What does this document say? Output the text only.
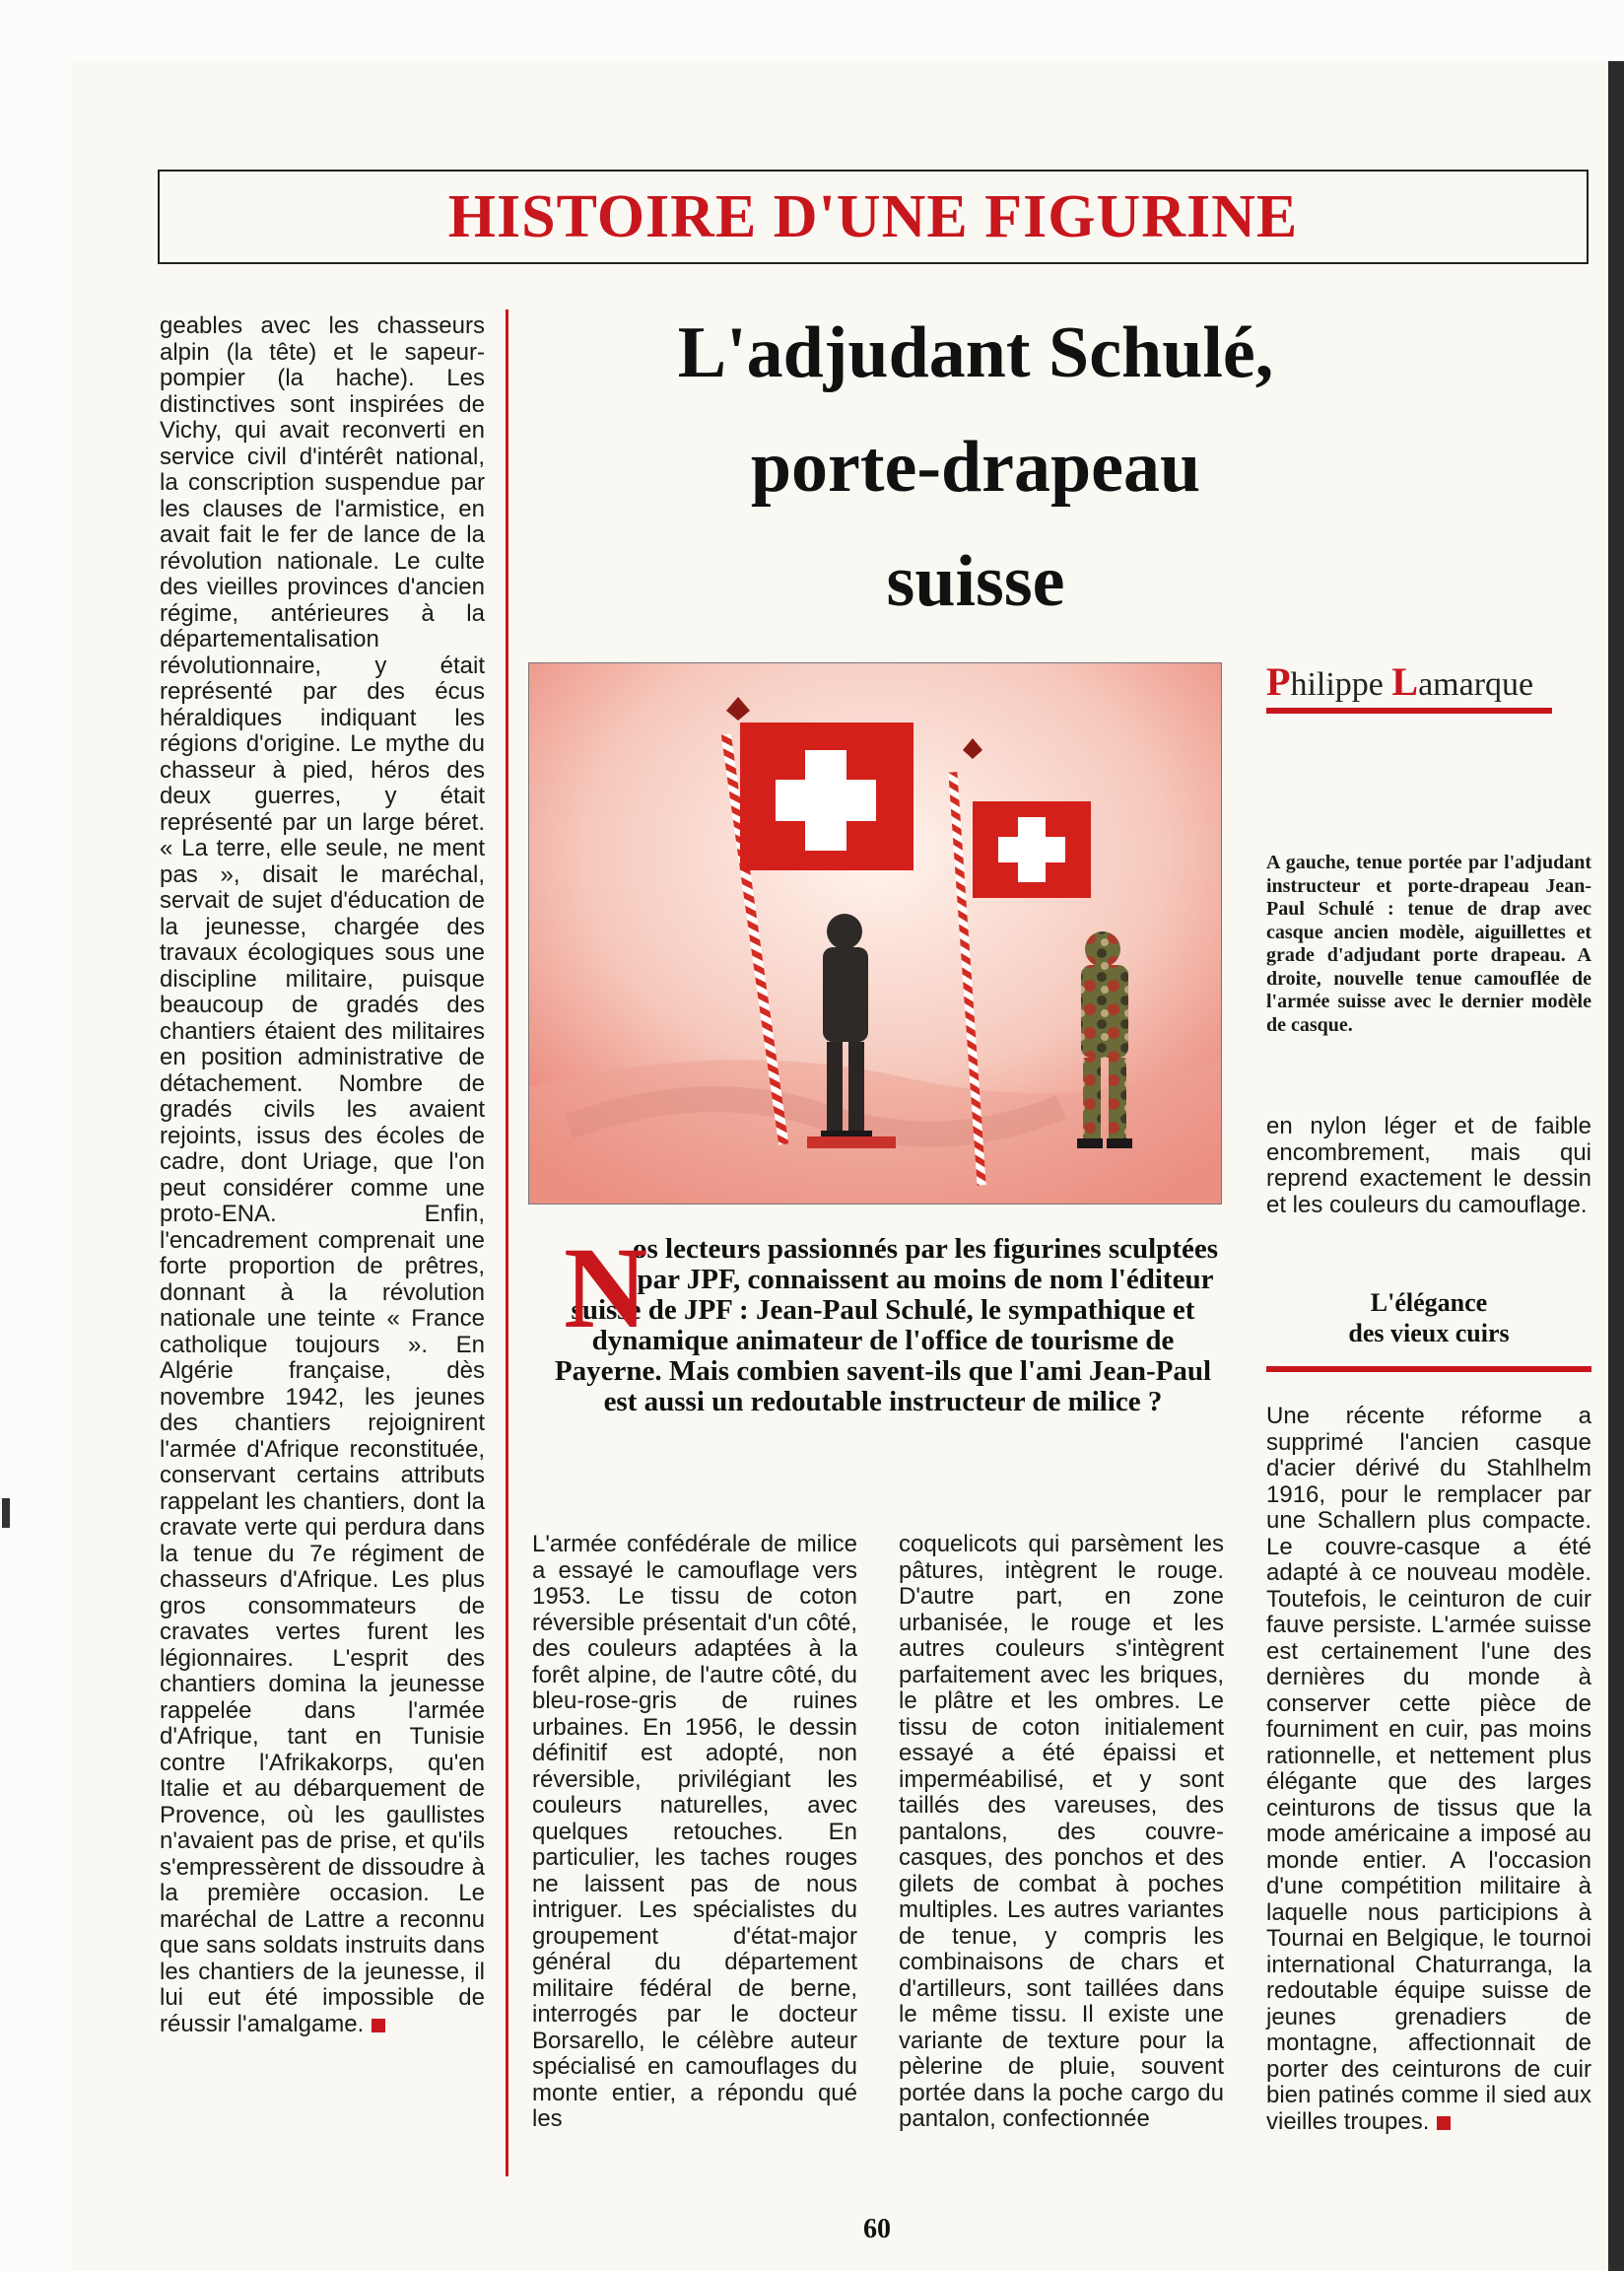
HISTOIRE D'UNE FIGURINE
geables avec les chasseurs alpin (la tête) et le sapeur-pompier (la hache). Les distinctives sont inspirées de Vichy, qui avait reconverti en service civil d'intérêt national, la conscription suspendue par les clauses de l'armistice, en avait fait le fer de lance de la révolution nationale. Le culte des vieilles provinces d'ancien régime, antérieures à la départementalisation révolutionnaire, y était représenté par des écus héraldiques indiquant les régions d'origine. Le mythe du chasseur à pied, héros des deux guerres, y était représenté par un large béret. « La terre, elle seule, ne ment pas », disait le maréchal, servait de sujet d'éducation de la jeunesse, chargée des travaux écologiques sous une discipline militaire, puisque beaucoup de gradés des chantiers étaient des militaires en position administrative de détachement. Nombre de gradés civils les avaient rejoints, issus des écoles de cadre, dont Uriage, que l'on peut considérer comme une proto-ENA. Enfin, l'encadrement comprenait une forte proportion de prêtres, donnant à la révolution nationale une teinte « France catholique toujours ». En Algérie française, dès novembre 1942, les jeunes des chantiers rejoignirent l'armée d'Afrique reconstituée, conservant certains attributs rappelant les chantiers, dont la cravate verte qui perdura dans la tenue du 7e régiment de chasseurs d'Afrique. Les plus gros consommateurs de cravates vertes furent les légionnaires. L'esprit des chantiers domina la jeunesse rappelée dans l'armée d'Afrique, tant en Tunisie contre l'Afrikakorps, qu'en Italie et au débarquement de Provence, où les gaullistes n'avaient pas de prise, et qu'ils s'empressèrent de dissoudre à la première occasion. Le maréchal de Lattre a reconnu que sans soldats instruits dans les chantiers de la jeunesse, il lui eut été impossible de réussir l'amalgame.
L'adjudant Schulé,
porte-drapeau
suisse
Philippe Lamarque
A gauche, tenue portée par l'adjudant instructeur et porte-drapeau Jean-Paul Schulé : tenue de drap avec casque ancien modèle, aiguillettes et grade d'adjudant porte drapeau. A droite, nouvelle tenue camouflée de l'armée suisse avec le dernier modèle de casque.
en nylon léger et de faible encombrement, mais qui reprend exactement le dessin et les couleurs du camouflage.
L'élégance
des vieux cuirs
Une récente réforme a supprimé l'ancien casque d'acier dérivé du Stahlhelm 1916, pour le remplacer par une Schallern plus compacte. Le couvre-casque a été adapté à ce nouveau modèle. Toutefois, le ceinturon de cuir fauve persiste. L'armée suisse est certainement l'une des dernières du monde à conserver cette pièce de fourniment en cuir, pas moins rationnelle, et nettement plus élégante que des larges ceinturons de tissus que la mode américaine a imposé au monde entier. A l'occasion d'une compétition militaire à laquelle nous participions à Tournai en Belgique, le tournoi international Chaturranga, la redoutable équipe suisse de jeunes grenadiers de montagne, affectionnait de porter des ceinturons de cuir bien patinés comme il sied aux vieilles troupes.
os lecteurs passionnés par les figurines sculptées par JPF, connaissent au moins de nom l'éditeur suisse de JPF : Jean-Paul Schulé, le sympathique et dynamique animateur de l'office de tourisme de Payerne. Mais combien savent-ils que l'ami Jean-Paul est aussi un redoutable instructeur de milice ?
N
L'armée confédérale de milice a essayé le camouflage vers 1953. Le tissu de coton réversible présentait d'un côté, des couleurs adaptées à la forêt alpine, de l'autre côté, du bleu-rose-gris de ruines urbaines. En 1956, le dessin définitif est adopté, non réversible, privilégiant les couleurs naturelles, avec quelques retouches. En particulier, les taches rouges ne laissent pas de nous intriguer. Les spécialistes du groupement d'état-major général du département militaire fédéral de berne, interrogés par le docteur Borsarello, le célèbre auteur spécialisé en camouflages du monte entier, a répondu qué les
coquelicots qui parsèment les pâtures, intègrent le rouge. D'autre part, en zone urbanisée, le rouge et les autres couleurs s'intègrent parfaitement avec les briques, le plâtre et les ombres. Le tissu de coton initialement essayé a été épaissi et imperméabilisé, et y sont taillés des vareuses, des pantalons, des couvre-casques, des ponchos et des gilets de combat à poches multiples. Les autres variantes de tenue, y compris les combinaisons de chars et d'artilleurs, sont taillées dans le même tissu. Il existe une variante de texture pour la pèlerine de pluie, souvent portée dans la poche cargo du pantalon, confectionnée
60
